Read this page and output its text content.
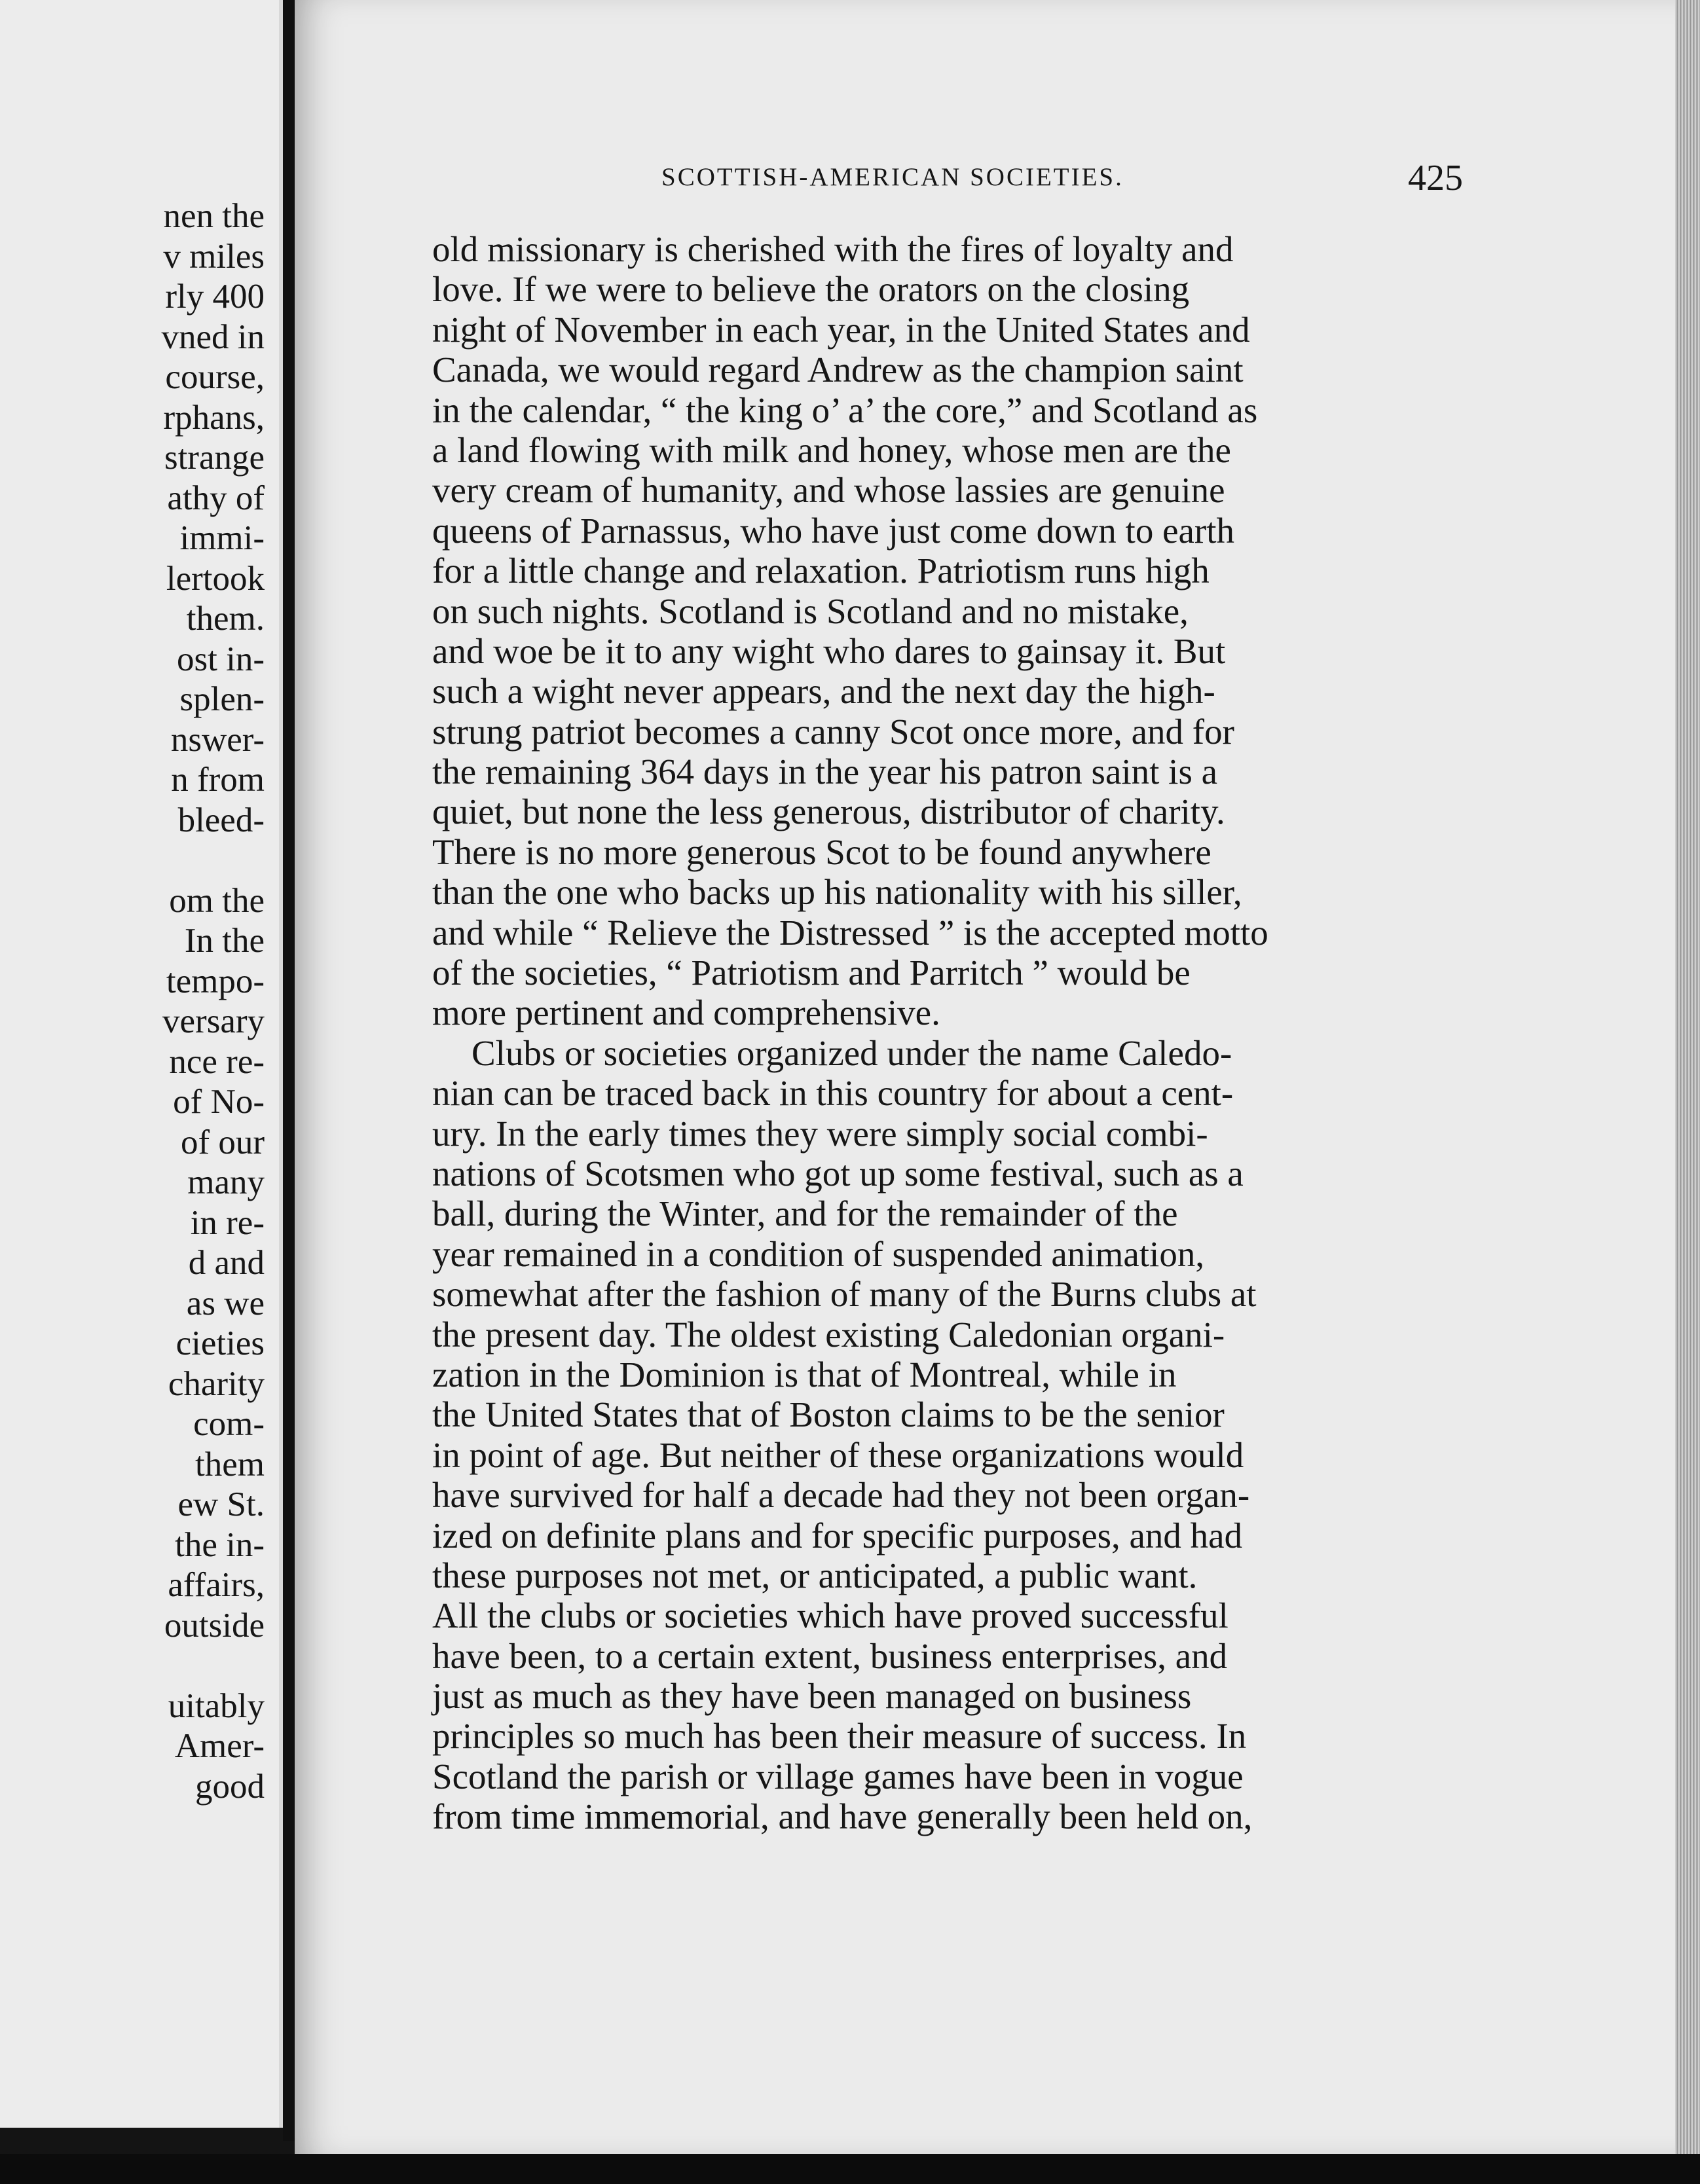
nen the
v miles
rly 400
vned in
course,
rphans,
strange
athy of
immi-
lertook
them.
ost in-
splen-
nswer-
n from
bleed-
om the
In the
tempo-
versary
nce re-
of No-
of our
many
in re-
d and
as we
cieties
charity
com-
them
ew St.
the in-
affairs,
outside
uitably
Amer-
good
SCOTTISH-AMERICAN SOCIETIES.	425
old missionary is cherished with the fires of loyalty and
love. If we were to believe the orators on the closing
night of November in each year, in the United States and
Canada, we would regard Andrew as the champion saint
in the calendar, “ the king o’ a’ the core,” and Scotland as
a land flowing with milk and honey, whose men are the
very cream of humanity, and whose lassies are genuine
queens of Parnassus, who have just come down to earth
for a little change and relaxation. Patriotism runs high
on such nights. Scotland is Scotland and no mistake,
and woe be it to any wight who dares to gainsay it. But
such a wight never appears, and the next day the high-
strung patriot becomes a canny Scot once more, and for
the remaining 364 days in the year his patron saint is a
quiet, but none the less generous, distributor of charity.
There is no more generous Scot to be found anywhere
than the one who backs up his nationality with his siller,
and while “ Relieve the Distressed ” is the accepted motto
of the societies, “ Patriotism and Parritch ” would be
more pertinent and comprehensive.
Clubs or societies organized under the name Caledo-
nian can be traced back in this country for about a cent-
ury. In the early times they were simply social combi-
nations of Scotsmen who got up some festival, such as a
ball, during the Winter, and for the remainder of the
year remained in a condition of suspended animation,
somewhat after the fashion of many of the Burns clubs at
the present day. The oldest existing Caledonian organi-
zation in the Dominion is that of Montreal, while in
the United States that of Boston claims to be the senior
in point of age. But neither of these organizations would
have survived for half a decade had they not been organ-
ized on definite plans and for specific purposes, and had
these purposes not met, or anticipated, a public want.
All the clubs or societies which have proved successful
have been, to a certain extent, business enterprises, and
just as much as they have been managed on business
principles so much has been their measure of success. In
Scotland the parish or village games have been in vogue
from time immemorial, and have generally been held on,
